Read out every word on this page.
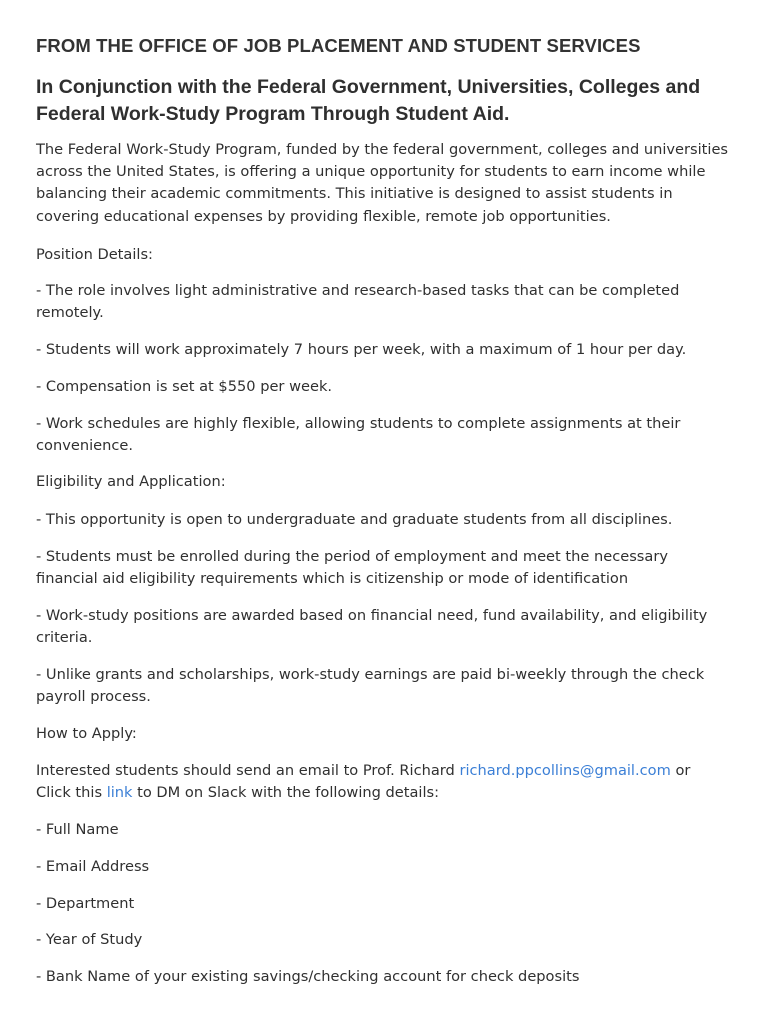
FROM THE OFFICE OF JOB PLACEMENT AND STUDENT SERVICES
In Conjunction with the Federal Government, Universities, Colleges and Federal Work-Study Program Through Student Aid.

The Federal Work-Study Program, funded by the federal government, colleges and universities across the United States, is offering a unique opportunity for students to earn income while balancing their academic commitments. This initiative is designed to assist students in covering educational expenses by providing flexible, remote job opportunities.

Position Details:

- The role involves light administrative and research-based tasks that can be completed remotely.

- Students will work approximately 7 hours per week, with a maximum of 1 hour per day.

- Compensation is set at $550 per week.

- Work schedules are highly flexible, allowing students to complete assignments at their convenience.

Eligibility and Application:

- This opportunity is open to undergraduate and graduate students from all disciplines.

- Students must be enrolled during the period of employment and meet the necessary financial aid eligibility requirements which is citizenship or mode of identification

- Work-study positions are awarded based on financial need, fund availability, and eligibility criteria.

- Unlike grants and scholarships, work-study earnings are paid bi-weekly through the check payroll process.

How to Apply:

Interested students should send an email to Prof. Richard richard.ppcollins@gmail.com or Click this link to DM on Slack with the following details:

- Full Name

- Email Address

- Department

- Year of Study

- Bank Name of your existing savings/checking account for check deposits
